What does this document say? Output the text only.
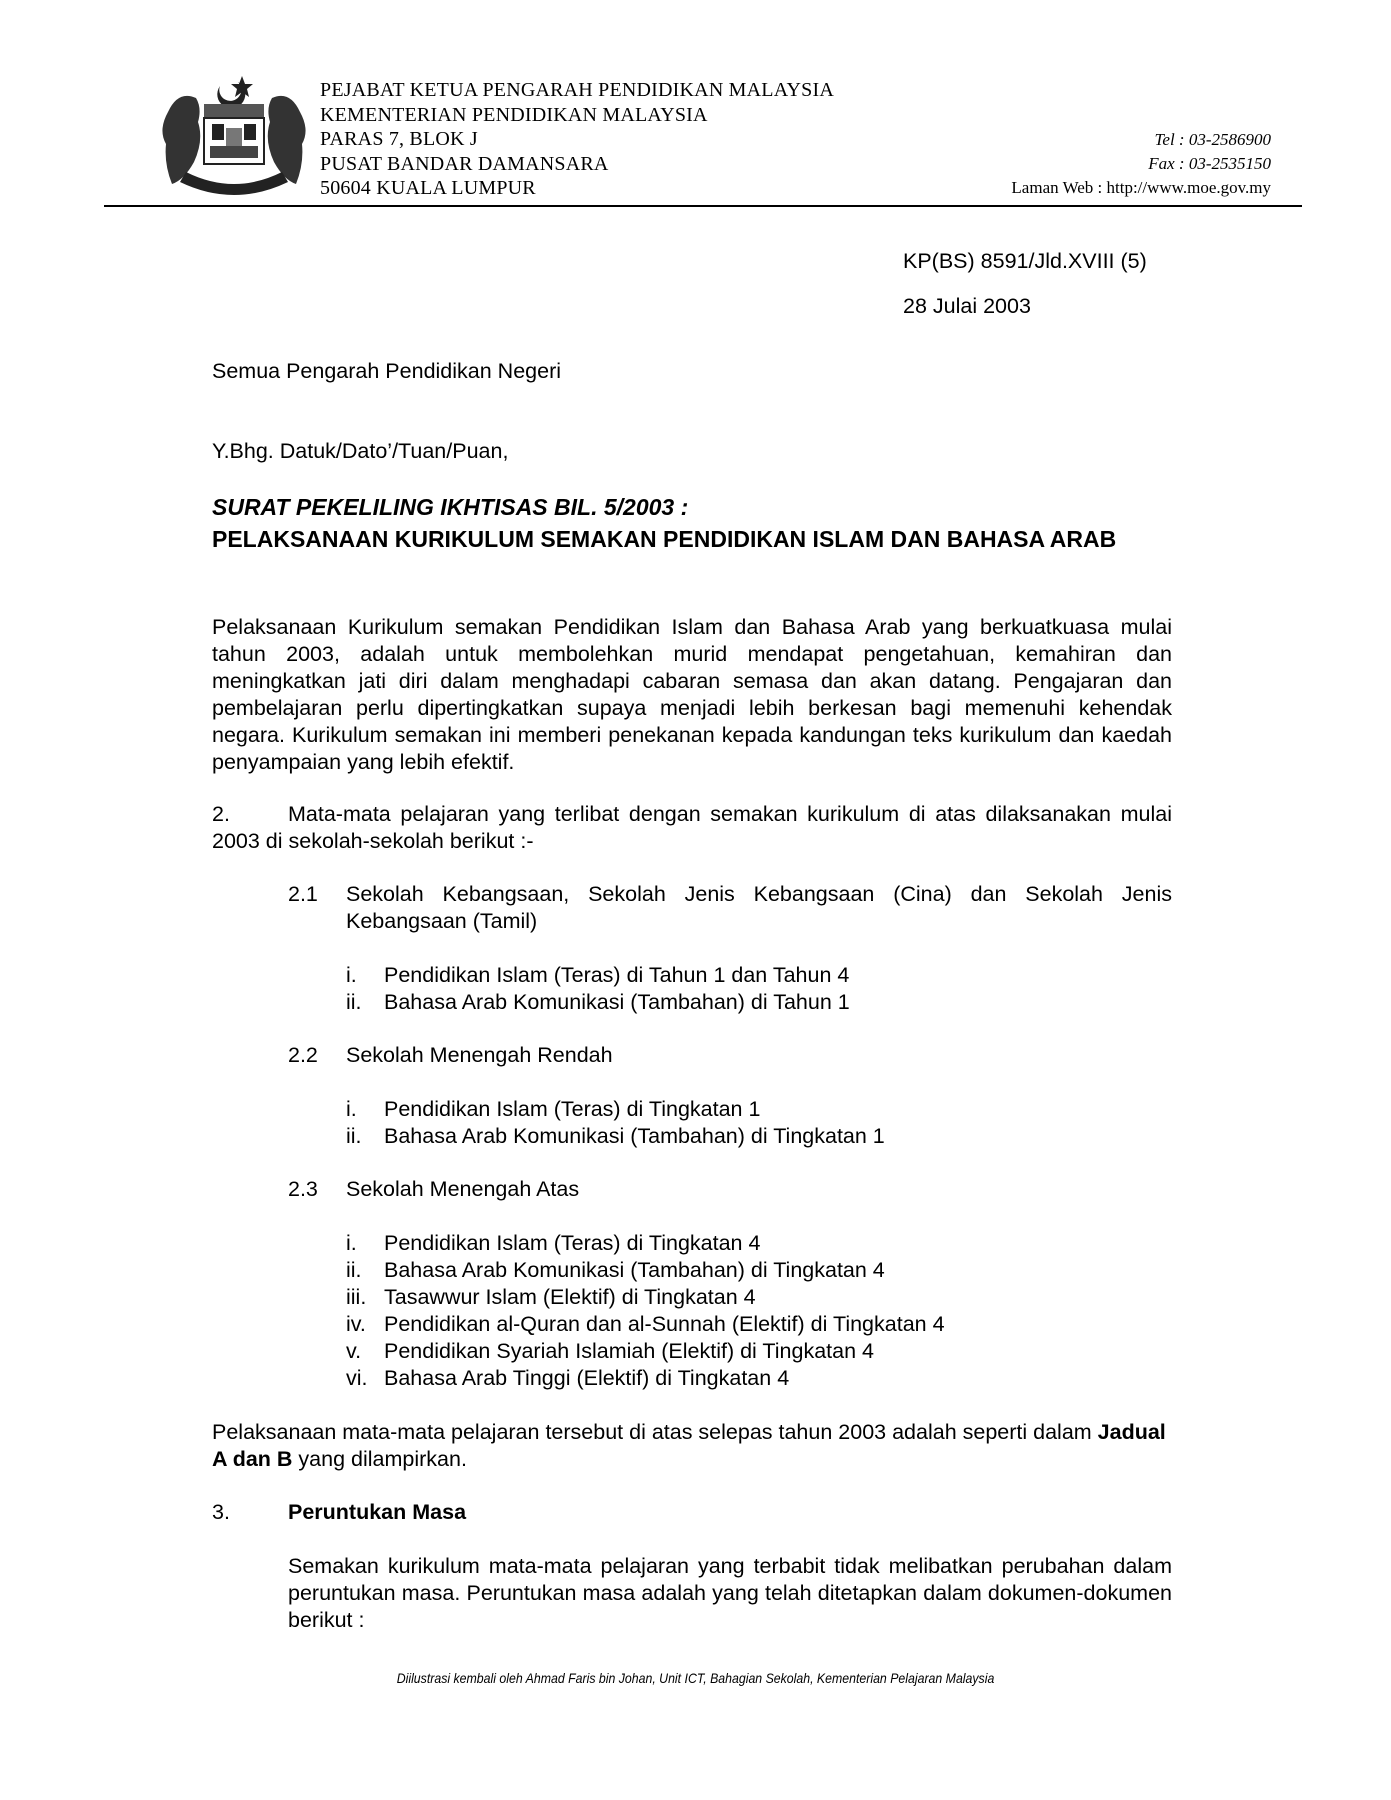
PEJABAT KETUA PENGARAH PENDIDIKAN MALAYSIA
KEMENTERIAN PENDIDIKAN MALAYSIA
PARAS 7, BLOK J
PUSAT BANDAR DAMANSARA
50604 KUALA LUMPUR
Tel : 03-2586900
Fax : 03-2535150
Laman Web : http://www.moe.gov.my
KP(BS) 8591/Jld.XVIII (5)
28 Julai 2003
Semua Pengarah Pendidikan Negeri
Y.Bhg. Datuk/Dato’/Tuan/Puan,
SURAT PEKELILING IKHTISAS BIL. 5/2003 :
PELAKSANAAN KURIKULUM SEMAKAN PENDIDIKAN ISLAM DAN BAHASA ARAB
Pelaksanaan Kurikulum semakan Pendidikan Islam dan Bahasa Arab yang berkuatkuasa mulai tahun 2003, adalah untuk membolehkan murid mendapat pengetahuan, kemahiran dan meningkatkan jati diri dalam menghadapi cabaran semasa dan akan datang. Pengajaran dan pembelajaran perlu dipertingkatkan supaya menjadi lebih berkesan bagi memenuhi kehendak negara. Kurikulum semakan ini memberi penekanan kepada kandungan teks kurikulum dan kaedah penyampaian yang lebih efektif.
2.	Mata-mata pelajaran yang terlibat dengan semakan kurikulum di atas dilaksanakan mulai 2003 di sekolah-sekolah berikut :-
2.1 Sekolah Kebangsaan, Sekolah Jenis Kebangsaan (Cina) dan Sekolah Jenis Kebangsaan (Tamil)
i. Pendidikan Islam (Teras) di Tahun 1 dan Tahun 4
ii. Bahasa Arab Komunikasi (Tambahan) di Tahun 1
2.2 Sekolah Menengah Rendah
i. Pendidikan Islam (Teras) di Tingkatan 1
ii. Bahasa Arab Komunikasi (Tambahan) di Tingkatan 1
2.3 Sekolah Menengah Atas
i. Pendidikan Islam (Teras) di Tingkatan 4
ii. Bahasa Arab Komunikasi (Tambahan) di Tingkatan 4
iii. Tasawwur Islam (Elektif) di Tingkatan 4
iv. Pendidikan al-Quran dan al-Sunnah (Elektif) di Tingkatan 4
v. Pendidikan Syariah Islamiah (Elektif) di Tingkatan 4
vi. Bahasa Arab Tinggi (Elektif) di Tingkatan 4
Pelaksanaan mata-mata pelajaran tersebut di atas selepas tahun 2003 adalah seperti dalam Jadual A dan B yang dilampirkan.
3.	Peruntukan Masa
Semakan kurikulum mata-mata pelajaran yang terbabit tidak melibatkan perubahan dalam peruntukan masa. Peruntukan masa adalah yang telah ditetapkan dalam dokumen-dokumen berikut :
Diilustrasi kembali oleh Ahmad Faris bin Johan, Unit ICT, Bahagian Sekolah, Kementerian Pelajaran Malaysia
